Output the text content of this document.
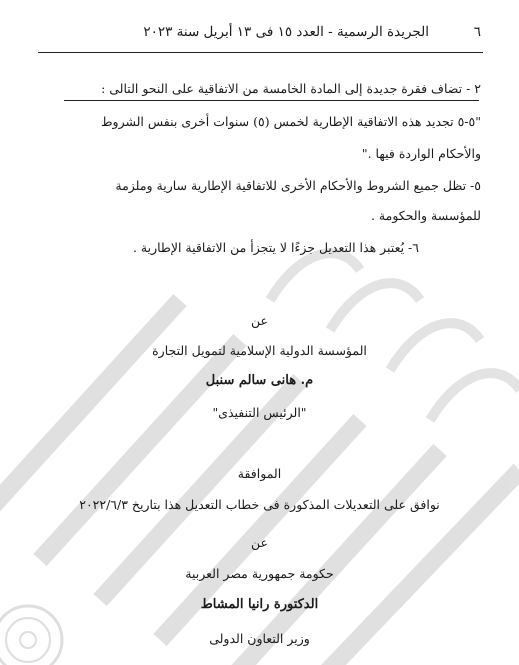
٦
الجريدة الرسمية - العدد ١٥ فى ١٣ أبريل سنة ٢٠٢٣
٢ - تضاف فقرة جديدة إلى المادة الخامسة من الاتفاقية على النحو التالى :
"٥-٥ تجديد هذه الاتفاقية الإطارية لخمس (٥) سنوات أخرى بنفس الشروط
والأحكام الواردة فيها ."
٥- تظل جميع الشروط والأحكام الأخرى للاتفاقية الإطارية سارية وملزمة
للمؤسسة والحكومة .
٦- يُعتبر هذا التعديل جزءًا لا يتجزأ من الاتفاقية الإطارية .
عن
المؤسسة الدولية الإسلامية لتمويل التجارة
م. هانى سالم سنبل
"الرئيس التنفيذى"
الموافقة
نوافق على التعديلات المذكورة فى خطاب التعديل هذا بتاريخ ٢٠٢٢/٦/٣
عن
حكومة جمهورية مصر العربية
الدكتورة رانيا المشاط
وزير التعاون الدولى
